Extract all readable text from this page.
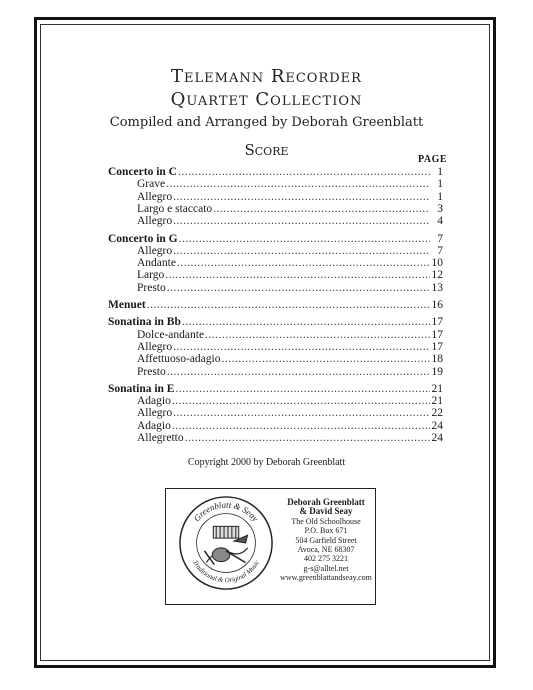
Telemann Recorder
Quartet Collection
Compiled and Arranged by Deborah Greenblatt
Score
PAGE
Concerto in C .....	1
Grave .....	1
Allegro .....	1
Largo e staccato .....	3
Allegro .....	4
Concerto in G .....	7
Allegro .....	7
Andante .....	10
Largo .....	12
Presto .....	13
Menuet .....	16
Sonatina in Bb .....	17
Dolce-andante .....	17
Allegro .....	17
Affettuoso-adagio .....	18
Presto .....	19
Sonatina in E .....	21
Adagio .....	21
Allegro .....	22
Adagio .....	24
Allegretto .....	24
Copyright 2000 by Deborah Greenblatt
Greenblatt & Seay
Traditional & Original Music
Deborah Greenblatt
& David Seay
The Old Schoolhouse
P.O. Box 671
504 Garfield Street
Avoca, NE 68307
402 275 3221
g-s@alltel.net
www.greenblattandseay.com
